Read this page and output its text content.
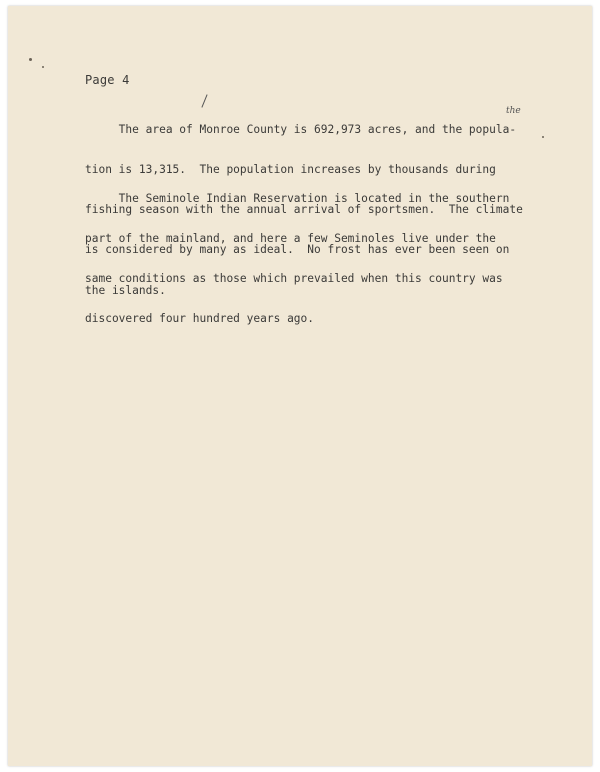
Page 4

The area of Monroe County is 692,973 acres, and the popula-

tion is 13,315.  The population increases by thousands during

fishing season with the annual arrival of sportsmen.  The climate

is considered by many as ideal.  No frost has ever been seen on

the islands.

the

The Seminole Indian Reservation is located in the southern

part of the mainland, and here a few Seminoles live under the

same conditions as those which prevailed when this country was

discovered four hundred years ago.
